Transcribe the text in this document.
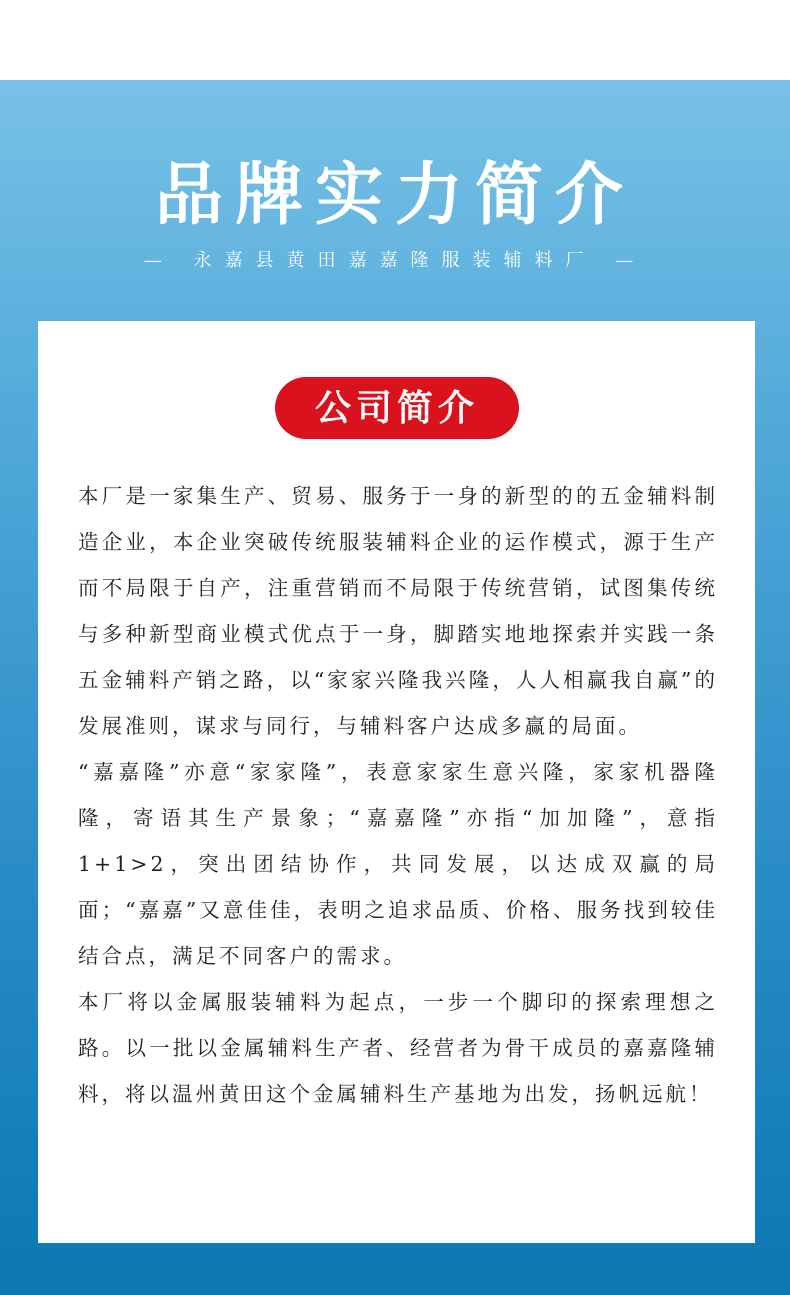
品牌实力简介
— 永嘉县黄田嘉嘉隆服装辅料厂 —
公司简介

本厂是一家集生产、贸易、服务于一身的新型的的五金辅料制造企业，本企业突破传统服装辅料企业的运作模式，源于生产而不局限于自产，注重营销而不局限于传统营销，试图集传统与多种新型商业模式优点于一身，脚踏实地地探索并实践一条五金辅料产销之路，以“家家兴隆我兴隆，人人相赢我自赢”的发展准则，谋求与同行，与辅料客户达成多赢的局面。

“嘉嘉隆”亦意“家家隆”，表意家家生意兴隆，家家机器隆隆，寄语其生产景象；“嘉嘉隆”亦指“加加隆”，意指1+1>2，突出团结协作，共同发展，以达成双赢的局面；“嘉嘉”又意佳佳，表明之追求品质、价格、服务找到较佳结合点，满足不同客户的需求。

本厂将以金属服装辅料为起点，一步一个脚印的探索理想之路。以一批以金属辅料生产者、经营者为骨干成员的嘉嘉隆辅料，将以温州黄田这个金属辅料生产基地为出发，扬帆远航！
